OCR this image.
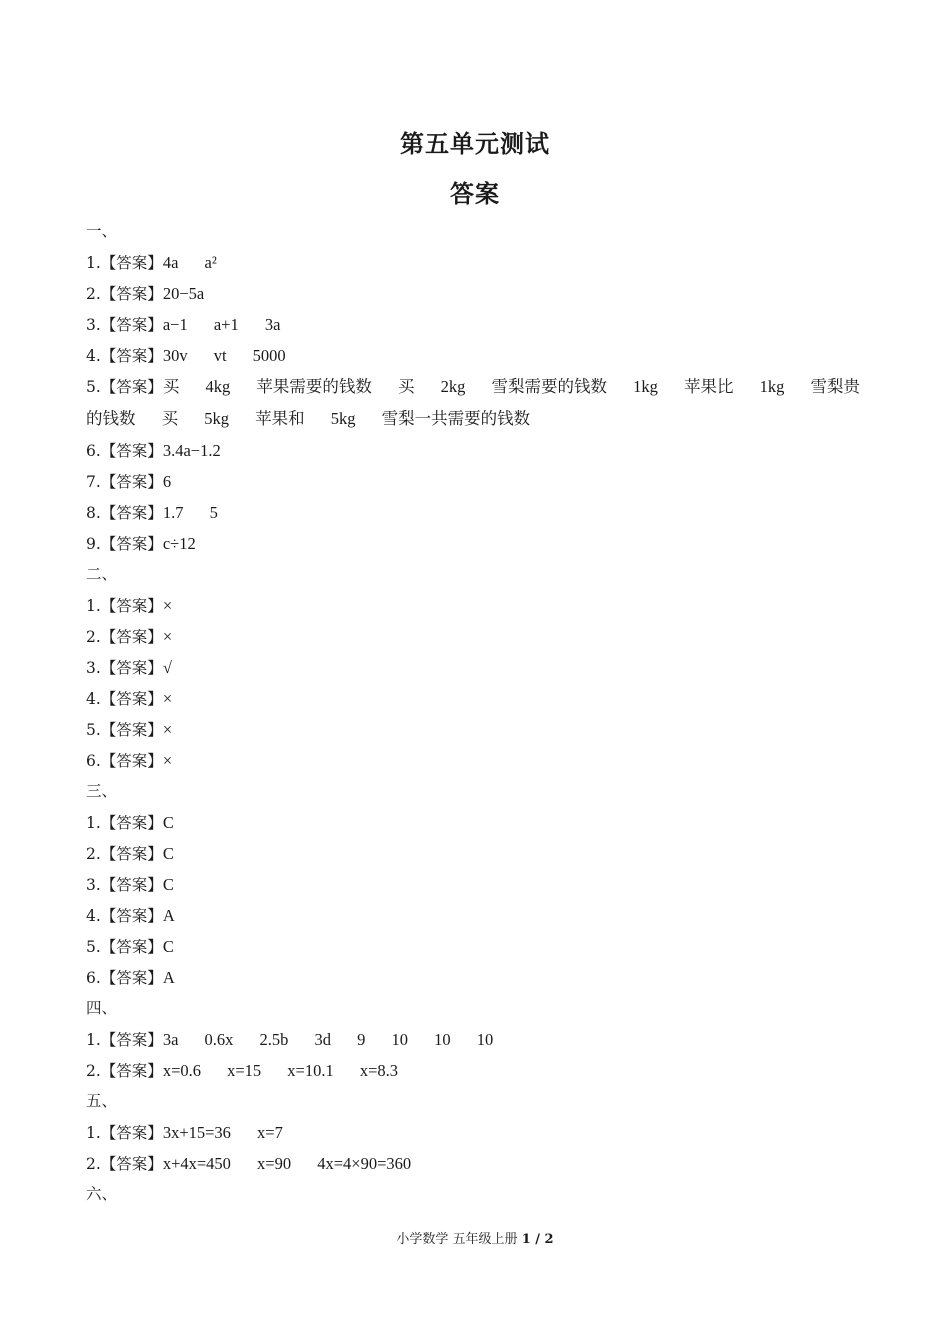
第五单元测试
答案
一、
1.【答案】4a a²
2.【答案】20−5a
3.【答案】a−1 a+1 3a
4.【答案】30v vt 5000
5.【答案】买 4kg 苹果需要的钱数 买 2kg 雪梨需要的钱数 1kg 苹果比 1kg 雪梨贵的钱数 买 5kg 苹果和 5kg 雪梨一共需要的钱数
6.【答案】3.4a−1.2
7.【答案】6
8.【答案】1.7 5
9.【答案】c÷12
二、
1.【答案】×
2.【答案】×
3.【答案】√
4.【答案】×
5.【答案】×
6.【答案】×
三、
1.【答案】C
2.【答案】C
3.【答案】C
4.【答案】A
5.【答案】C
6.【答案】A
四、
1.【答案】3a 0.6x 2.5b 3d 9 10 10 10
2.【答案】x=0.6 x=15 x=10.1 x=8.3
五、
1.【答案】3x+15=36 x=7
2.【答案】x+4x=450 x=90 4x=4×90=360
六、
小学数学 五年级上册 1 / 2
